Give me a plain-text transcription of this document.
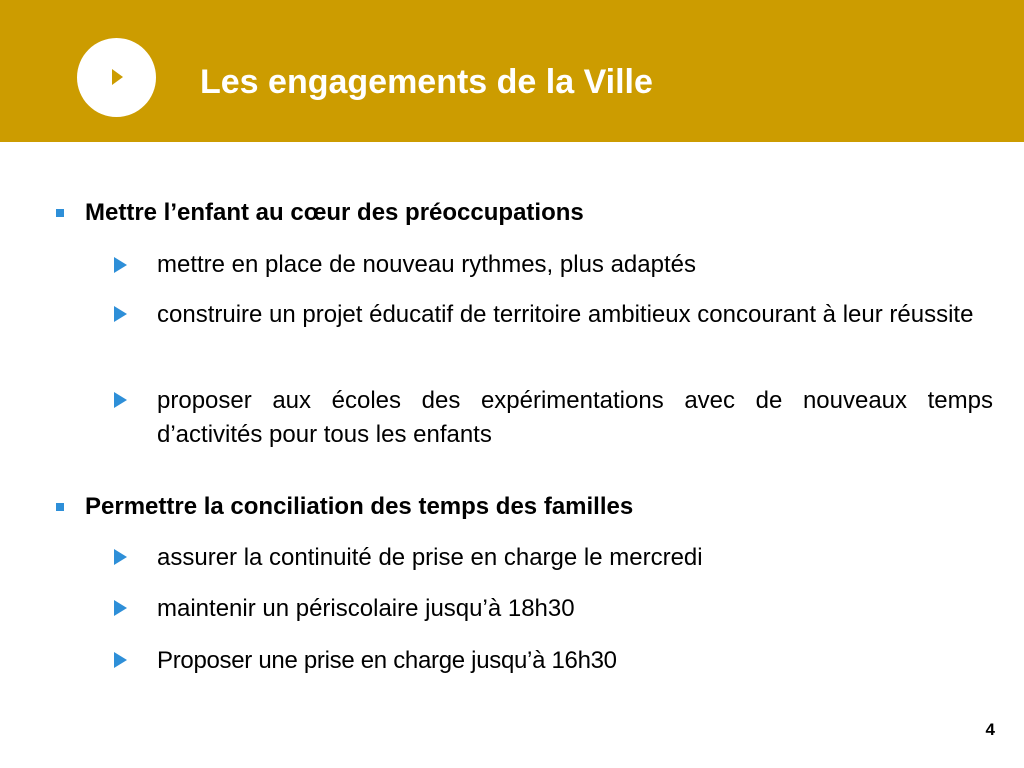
Les engagements de la Ville
Mettre l’enfant au cœur des préoccupations
mettre en place de nouveau rythmes, plus adaptés
construire un projet éducatif de territoire ambitieux concourant à leur réussite
proposer aux écoles des expérimentations avec de nouveaux temps d’activités pour tous les enfants
Permettre la conciliation des temps des familles
assurer la continuité de prise en charge le mercredi
maintenir un périscolaire jusqu’à 18h30
Proposer une prise en charge jusqu’à 16h30
4
